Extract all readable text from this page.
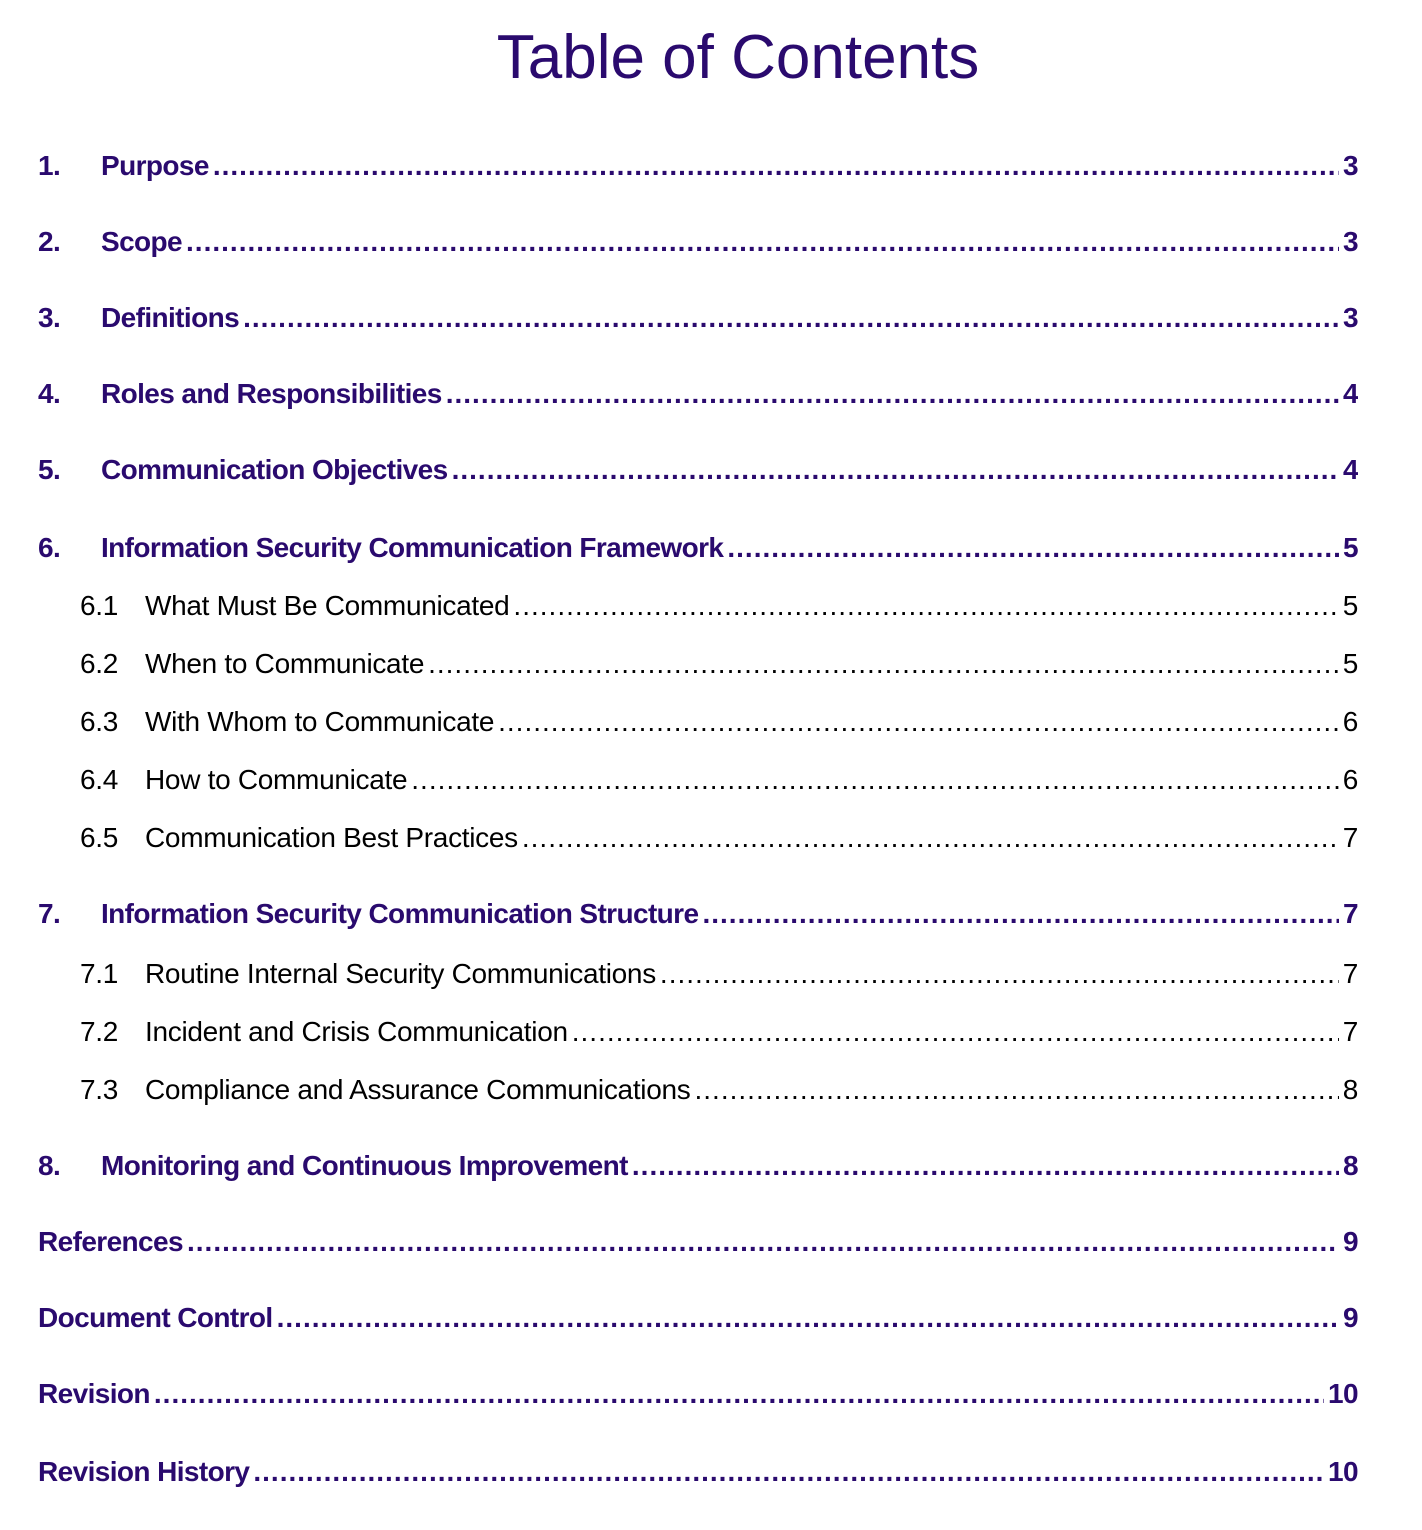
Table of Contents
1.	Purpose .....	3
2.	Scope .....	3
3.	Definitions .....	3
4.	Roles and Responsibilities .....	4
5.	Communication Objectives .....	4
6.	Information Security Communication Framework .....	5
6.1 What Must Be Communicated .....	5
6.2 When to Communicate .....	5
6.3 With Whom to Communicate .....	6
6.4 How to Communicate .....	6
6.5 Communication Best Practices .....	7
7.	Information Security Communication Structure .....	7
7.1 Routine Internal Security Communications .....	7
7.2 Incident and Crisis Communication .....	7
7.3 Compliance and Assurance Communications .....	8
8.	Monitoring and Continuous Improvement .....	8
References .....	9
Document Control .....	9
Revision .....	10
Revision History .....	10
